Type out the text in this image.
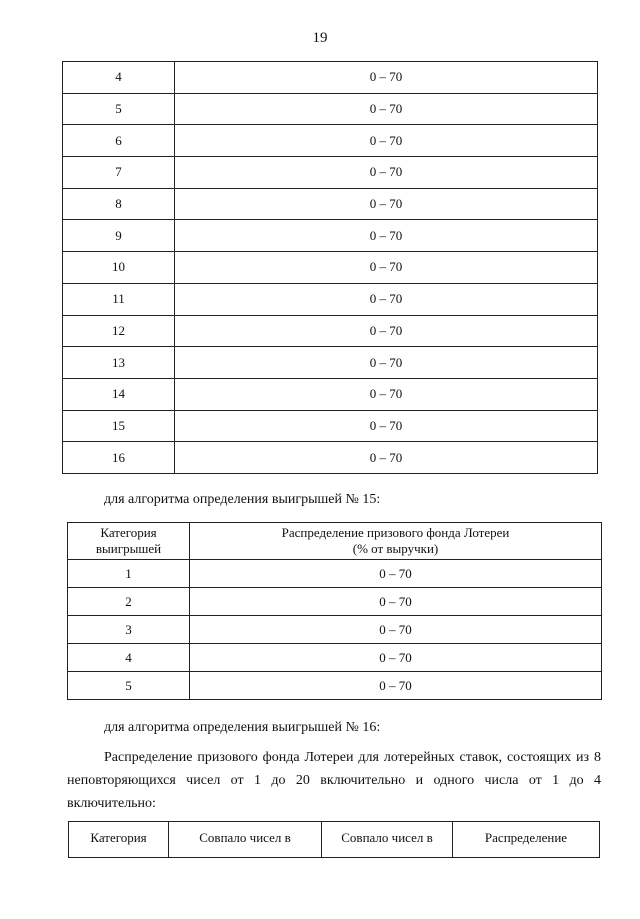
19
4	0 – 70
5	0 – 70
6	0 – 70
7	0 – 70
8	0 – 70
9	0 – 70
10	0 – 70
11	0 – 70
12	0 – 70
13	0 – 70
14	0 – 70
15	0 – 70
16	0 – 70

для алгоритма определения выигрышей № 15:

Категория
выигрышей	Распределение призового фонда Лотереи
(% от выручки)
1	0 – 70
2	0 – 70
3	0 – 70
4	0 – 70
5	0 – 70

для алгоритма определения выигрышей № 16:

Распределение призового фонда Лотереи для лотерейных ставок, состоящих из 8 неповторяющихся чисел от 1 до 20 включительно и одного числа от 1 до 4 включительно:

Категория	Совпало чисел в	Совпало чисел в	Распределение
